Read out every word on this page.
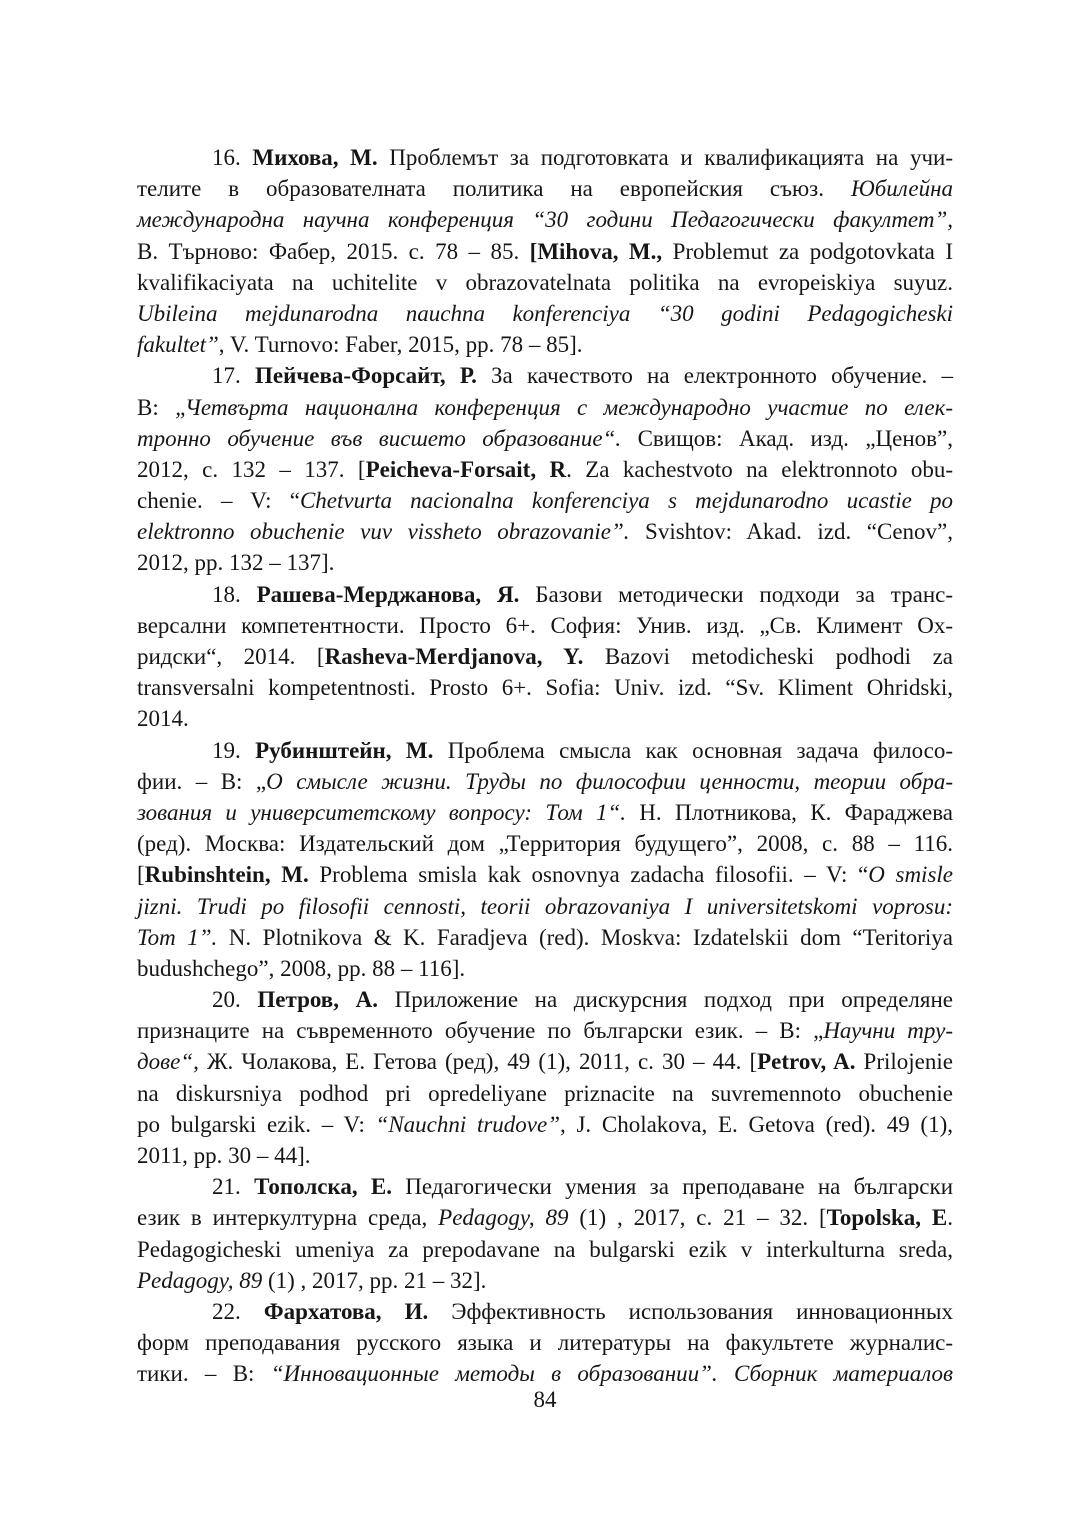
16. Михова, М. Проблемът за подготовката и квалификацията на учи-
телите в образователната политика на европейския съюз. Юбилейна
международна научна конференция “30 години Педагогически факултет”,
В. Търново: Фабер, 2015. с. 78 – 85. [Mihova, M., Problemut za podgotovkata I
kvalifikaciyata na uchitelite v obrazovatelnata politika na evropeiskiya suyuz.
Ubileina mejdunarodna nauchna konferenciya “30 godini Pedagogicheski
fakultet”, V. Turnovo: Faber, 2015, pp. 78 – 85].
17. Пейчева-Форсайт, Р. За качеството на електронното обучение. –
В: „Четвърта национална конференция с международно участие по елек-
тронно обучение във висшето образование“. Свищов: Акад. изд. „Ценов”,
2012, с. 132 – 137. [Peicheva-Forsait, R. Za kachestvoto na elektronnoto obu-
chenie. – V: “Chetvurta nacionalna konferenciya s mejdunarodno ucastie po
elektronno obuchenie vuv vissheto obrazovanie”. Svishtov: Akad. izd. “Cenov”,
2012, pp. 132 – 137].
18. Рашева-Мерджанова, Я. Базови методически подходи за транс-
версални компетентности. Просто 6+. София: Унив. изд. „Св. Климент Ох-
ридски“, 2014. [Rasheva-Merdjanova, Y. Bazovi metodicheski podhodi za
transversalni kompetentnosti. Prosto 6+. Sofia: Univ. izd. “Sv. Kliment Ohridski,
2014.
19. Рубинштейн, М. Проблема смысла как основная задача филосо-
фии. – В: „О смысле жизни. Труды по философии ценности, теории обра-
зования и университетскому вопросу: Том 1“. Н. Плотникова, К. Фараджева
(ред). Москва: Издательский дом „Территория будущего”, 2008, с. 88 – 116.
[Rubinshtein, M. Problema smisla kak osnovnya zadacha filosofii. – V: “O smisle
jizni. Trudi po filosofii cennosti, teorii obrazovaniya I universitetskomi voprosu:
Tom 1”. N. Plotnikova & K. Faradjeva (red). Moskva: Izdatelskii dom “Teritoriya
budushchego”, 2008, pp. 88 – 116].
20. Петров, А. Приложение на дискурсния подход при определяне
признаците на съвременното обучение по български език. – В: „Научни тру-
дове“, Ж. Чолакова, Е. Гетова (ред), 49 (1), 2011, с. 30 – 44. [Petrov, A. Prilojenie
na diskursniya podhod pri opredeliyane priznacite na suvremennoto obuchenie
po bulgarski ezik. – V: “Nauchni trudove”, J. Cholakova, E. Getova (red). 49 (1),
2011, pp. 30 – 44].
21. Тополска, Е. Педагогически умения за преподаване на български
език в интеркултурна среда, Pedagogy, 89 (1) , 2017, с. 21 – 32. [Topolska, E.
Pedagogicheski umeniya za prepodavane na bulgarski ezik v interkulturna sreda,
Pedagogy, 89 (1) , 2017, pp. 21 – 32].
22. Фархатова, И. Эффективность использования инновационных
форм преподавания русского языка и литературы на факультете журналис-
тики. – В: “Инновационные методы в образовании”. Сборник материалов
84
